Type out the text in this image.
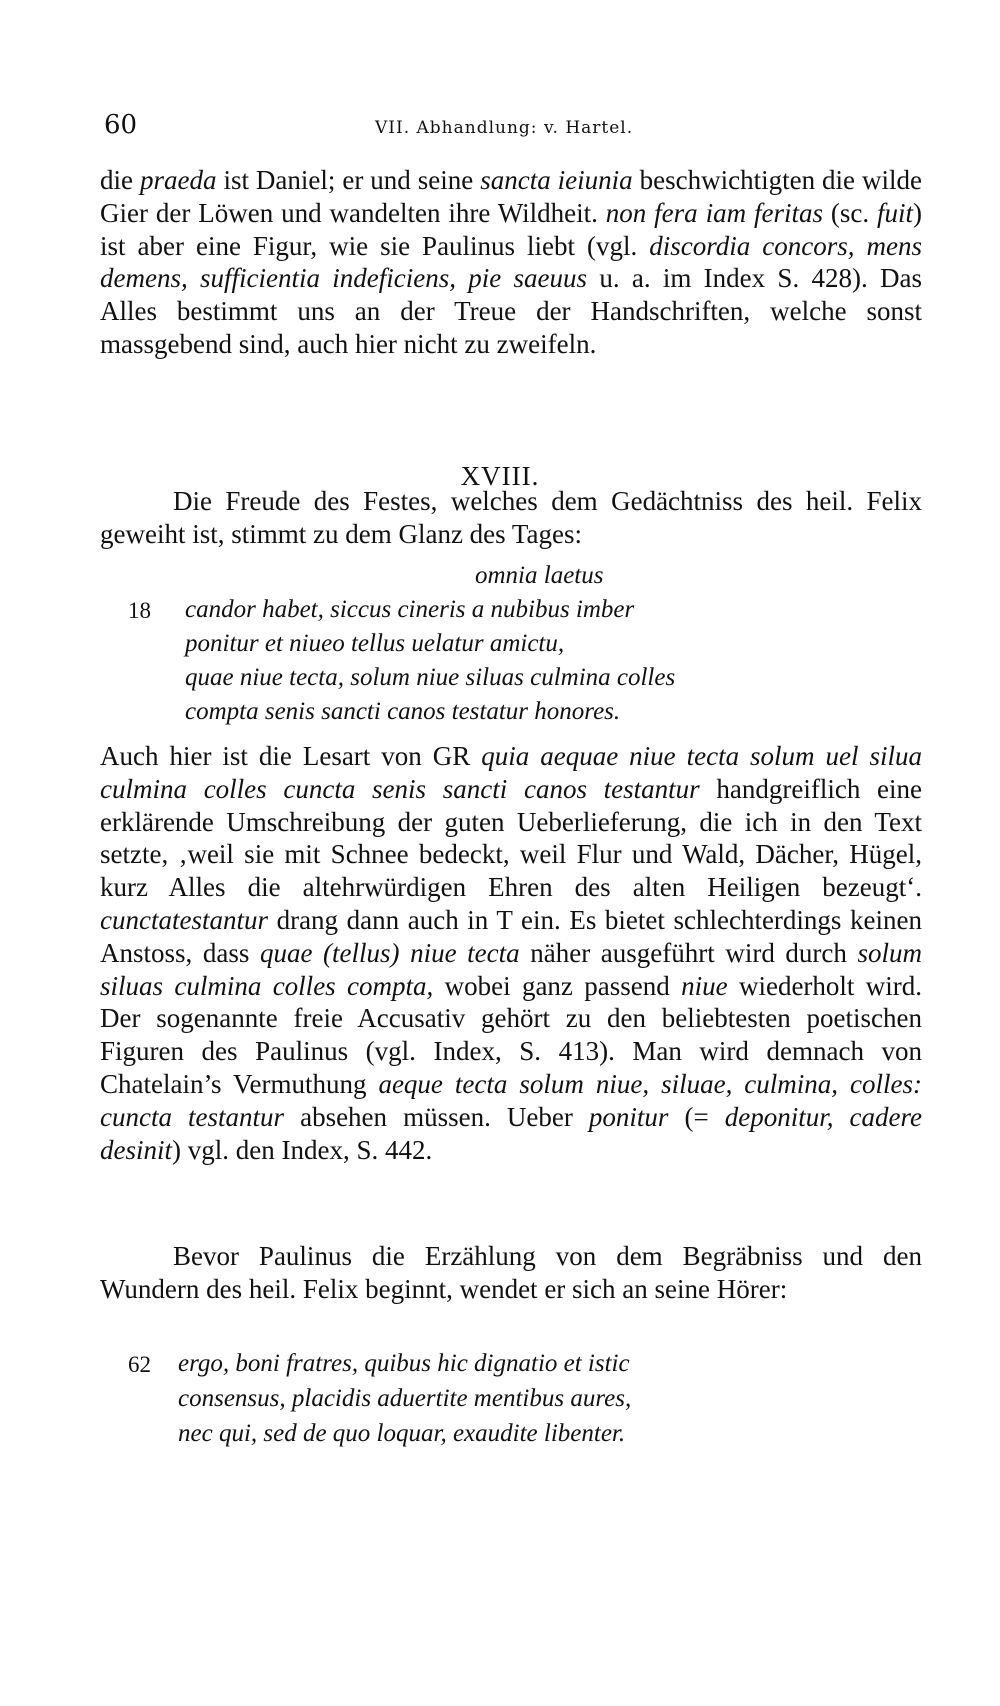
60	VII. Abhandlung: v. Hartel.
die praeda ist Daniel; er und seine sancta ieiunia beschwichtigten die wilde Gier der Löwen und wandelten ihre Wildheit. non fera iam feritas (sc. fuit) ist aber eine Figur, wie sie Paulinus liebt (vgl. discordia concors, mens demens, sufficientia indeficiens, pie saeuus u. a. im Index S. 428). Das Alles bestimmt uns an der Treue der Handschriften, welche sonst massgebend sind, auch hier nicht zu zweifeln.
XVIII.
Die Freude des Festes, welches dem Gedächtniss des heil. Felix geweiht ist, stimmt zu dem Glanz des Tages:
18
omnia laetus
candor habet, siccus cineris a nubibus imber
ponitur et niueo tellus uelatur amictu,
quae niue tecta, solum niue siluas culmina colles
compta senis sancti canos testatur honores.
Auch hier ist die Lesart von GR quia aequae niue tecta solum uel silua culmina colles cuncta senis sancti canos testantur handgreiflich eine erklärende Umschreibung der guten Ueberlieferung, die ich in den Text setzte, ‚weil sie mit Schnee bedeckt, weil Flur und Wald, Dächer, Hügel, kurz Alles die altehrwürdigen Ehren des alten Heiligen bezeugt‘. cunctatestantur drang dann auch in T ein. Es bietet schlechterdings keinen Anstoss, dass quae (tellus) niue tecta näher ausgeführt wird durch solum siluas culmina colles compta, wobei ganz passend niue wiederholt wird. Der sogenannte freie Accusativ gehört zu den beliebtesten poetischen Figuren des Paulinus (vgl. Index, S. 413). Man wird demnach von Chatelain’s Vermuthung aeque tecta solum niue, siluae, culmina, colles: cuncta testantur absehen müssen. Ueber ponitur (= deponitur, cadere desinit) vgl. den Index, S. 442.
Bevor Paulinus die Erzählung von dem Begräbniss und den Wundern des heil. Felix beginnt, wendet er sich an seine Hörer:
62 ergo, boni fratres, quibus hic dignatio et istic
consensus, placidis aduertite mentibus aures,
nec qui, sed de quo loquar, exaudite libenter.
